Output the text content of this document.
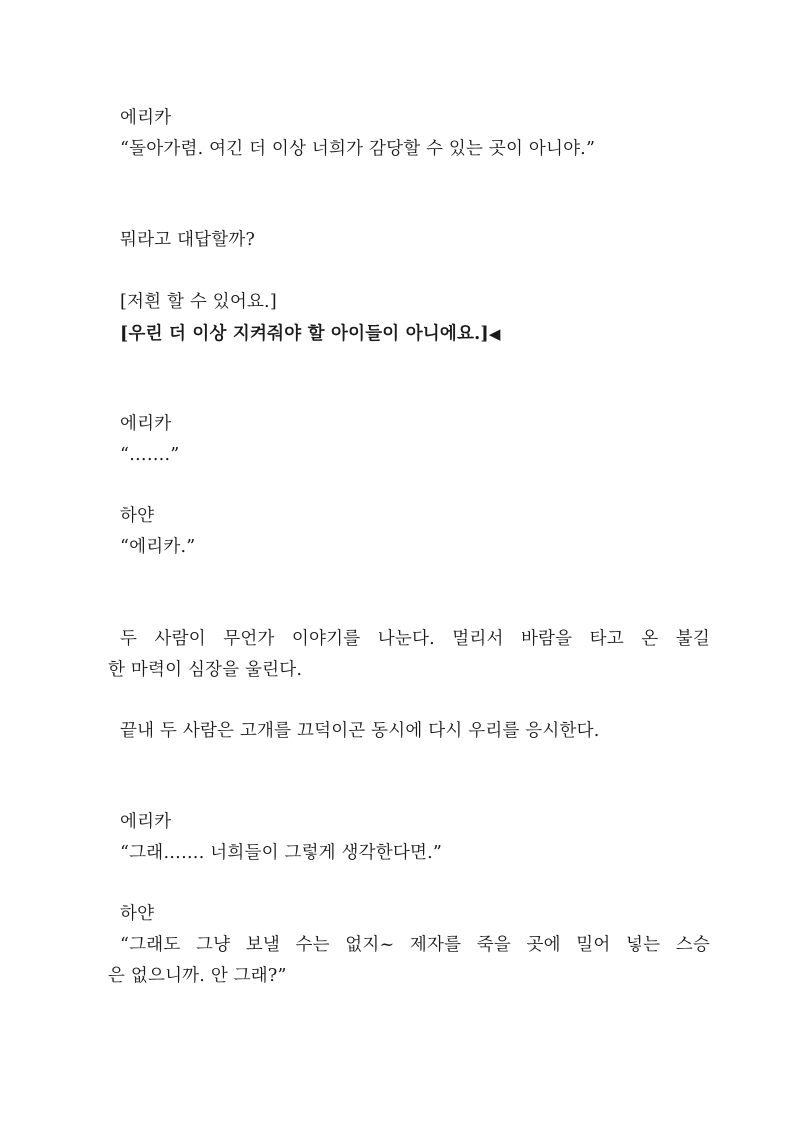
에리카
“돌아가렴. 여긴 더 이상 너희가 감당할 수 있는 곳이 아니야.”
뭐라고 대답할까?
[저흰 할 수 있어요.]
[우린 더 이상 지켜줘야 할 아이들이 아니에요.]◀
에리카
“…….”
하얀
“에리카.”
두 사람이 무언가 이야기를 나눈다. 멀리서 바람을 타고 온 불길
한 마력이 심장을 울린다.
끝내 두 사람은 고개를 끄덕이곤 동시에 다시 우리를 응시한다.
에리카
“그래……. 너희들이 그렇게 생각한다면.”
하얀
“그래도 그냥 보낼 수는 없지~ 제자를 죽을 곳에 밀어 넣는 스승
은 없으니까. 안 그래?”
